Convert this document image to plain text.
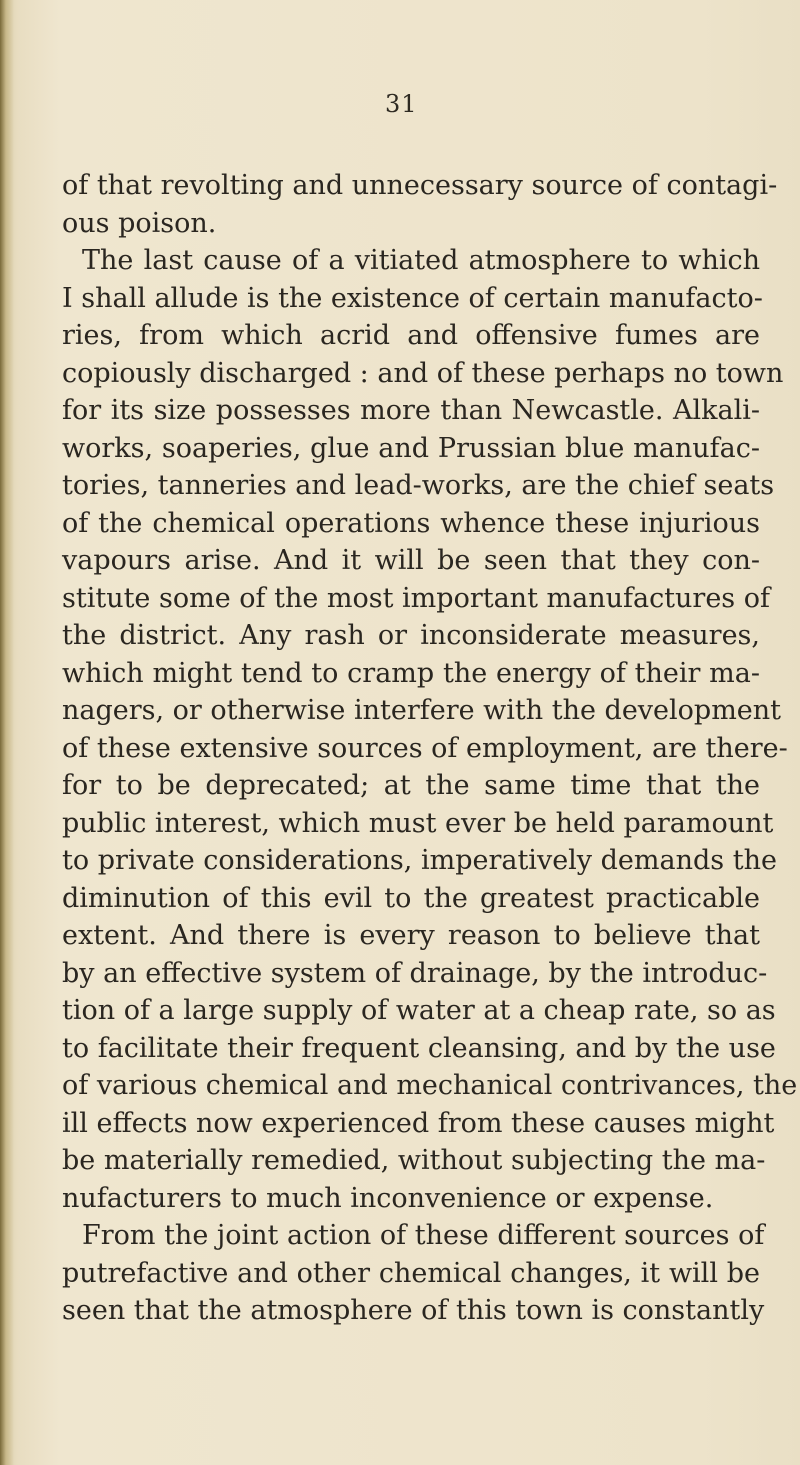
31
of that revolting and unnecessary source of contagi-
ous poison.
The last cause of a vitiated atmosphere to which
I shall allude is the existence of certain manufacto-
ries, from which acrid and offensive fumes are
copiously discharged : and of these perhaps no town
for its size possesses more than Newcastle. Alkali-
works, soaperies, glue and Prussian blue manufac-
tories, tanneries and lead-works, are the chief seats
of the chemical operations whence these injurious
vapours arise. And it will be seen that they con-
stitute some of the most important manufactures of
the district. Any rash or inconsiderate measures,
which might tend to cramp the energy of their ma-
nagers, or otherwise interfere with the development
of these extensive sources of employment, are there-
for to be deprecated; at the same time that the
public interest, which must ever be held paramount
to private considerations, imperatively demands the
diminution of this evil to the greatest practicable
extent. And there is every reason to believe that
by an effective system of drainage, by the introduc-
tion of a large supply of water at a cheap rate, so as
to facilitate their frequent cleansing, and by the use
of various chemical and mechanical contrivances, the
ill effects now experienced from these causes might
be materially remedied, without subjecting the ma-
nufacturers to much inconvenience or expense.
From the joint action of these different sources of
putrefactive and other chemical changes, it will be
seen that the atmosphere of this town is constantly
